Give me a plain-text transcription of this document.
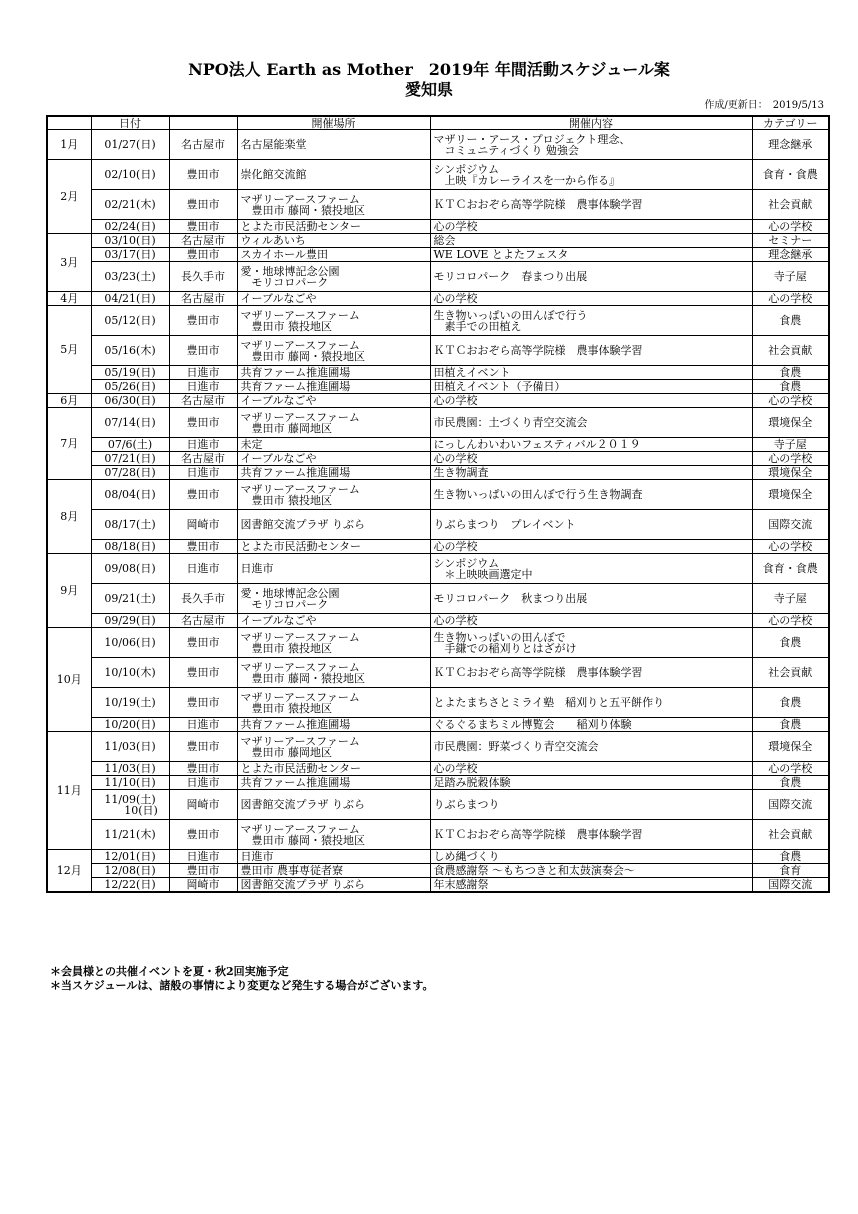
NPO法人 Earth as Mother　2019年 年間活動スケジュール案
愛知県
作成/更新日：　2019/5/13
	日付		開催場所	開催内容	カテゴリー
1月	01/27(日)	名古屋市	名古屋能楽堂	マザリー・アース・プロジェクト理念、
　コミュニティづくり 勉強会	理念継承
2月	02/10(日)	豊田市	崇化館交流館	シンポジウム
　上映『カレーライスを一から作る』	食育・食農

	02/21(木)	豊田市	マザリーアースファーム
　豊田市 藤岡・猿投地区	ＫＴＣおおぞら高等学院様　農事体験学習	社会貢献

	02/24(日)	豊田市	とよた市民活動センター	心の学校	心の学校
3月	03/10(日)	名古屋市	ウィルあいち	総会	セミナー

	03/17(日)	豊田市	スカイホール豊田	WE LOVE とよたフェスタ	理念継承

	03/23(土)	長久手市	愛・地球博記念公園
　モリコロパーク	モリコロパーク　春まつり出展	寺子屋
4月	04/21(日)	名古屋市	イーブルなごや	心の学校	心の学校
5月	05/12(日)	豊田市	マザリーアースファーム
　豊田市 猿投地区	生き物いっぱいの田んぼで行う
　素手での田植え	食農

	05/16(木)	豊田市	マザリーアースファーム
　豊田市 藤岡・猿投地区	ＫＴＣおおぞら高等学院様　農事体験学習	社会貢献

	05/19(日)	日進市	共育ファーム推進圃場	田植えイベント	食農

	05/26(日)	日進市	共育ファーム推進圃場	田植えイベント（予備日）	食農
6月	06/30(日)	名古屋市	イーブルなごや	心の学校	心の学校
7月	07/14(日)	豊田市	マザリーアースファーム
　豊田市 藤岡地区	市民農園：土づくり青空交流会	環境保全

	07/6(土)	日進市	未定	にっしんわいわいフェスティバル２０１９	寺子屋

	07/21(日)	名古屋市	イーブルなごや	心の学校	心の学校

	07/28(日)	日進市	共育ファーム推進圃場	生き物調査	環境保全
8月	08/04(日)	豊田市	マザリーアースファーム
　豊田市 猿投地区	生き物いっぱいの田んぼで行う生き物調査	環境保全

	08/17(土)	岡崎市	図書館交流プラザ りぶら	りぶらまつり　プレイベント	国際交流

	08/18(日)	豊田市	とよた市民活動センター	心の学校	心の学校
9月	09/08(日)	日進市	日進市	シンポジウム
　＊上映映画選定中	食育・食農

	09/21(土)	長久手市	愛・地球博記念公園
　モリコロパーク	モリコロパーク　秋まつり出展	寺子屋

	09/29(日)	名古屋市	イーブルなごや	心の学校	心の学校
10月	10/06(日)	豊田市	マザリーアースファーム
　豊田市 猿投地区	生き物いっぱいの田んぼで
　手鎌での稲刈りとはざがけ	食農

	10/10(木)	豊田市	マザリーアースファーム
　豊田市 藤岡・猿投地区	ＫＴＣおおぞら高等学院様　農事体験学習	社会貢献

	10/19(土)	豊田市	マザリーアースファーム
　豊田市 猿投地区	とよたまちさとミライ塾　稲刈りと五平餅作り	食農

	10/20(日)	日進市	共育ファーム推進圃場	ぐるぐるまちミル博覧会　　稲刈り体験	食農
11月	11/03(日)	豊田市	マザリーアースファーム
　豊田市 藤岡地区	市民農園：野菜づくり青空交流会	環境保全

	11/03(日)	豊田市	とよた市民活動センター	心の学校	心の学校

	11/10(日)	日進市	共育ファーム推進圃場	足踏み脱穀体験	食農

	11/09(土)
　　10(日)	岡崎市	図書館交流プラザ りぶら	りぶらまつり	国際交流

	11/21(木)	豊田市	マザリーアースファーム
　豊田市 藤岡・猿投地区	ＫＴＣおおぞら高等学院様　農事体験学習	社会貢献
12月	12/01(日)	日進市	日進市	しめ縄づくり	食農

	12/08(日)	豊田市	豊田市 農事専従者寮	食農感謝祭 ～もちつきと和太鼓演奏会～	食育

	12/22(日)	岡崎市	図書館交流プラザ りぶら	年末感謝祭	国際交流
＊会員様との共催イベントを夏・秋2回実施予定
＊当スケジュールは、諸般の事情により変更など発生する場合がございます。
